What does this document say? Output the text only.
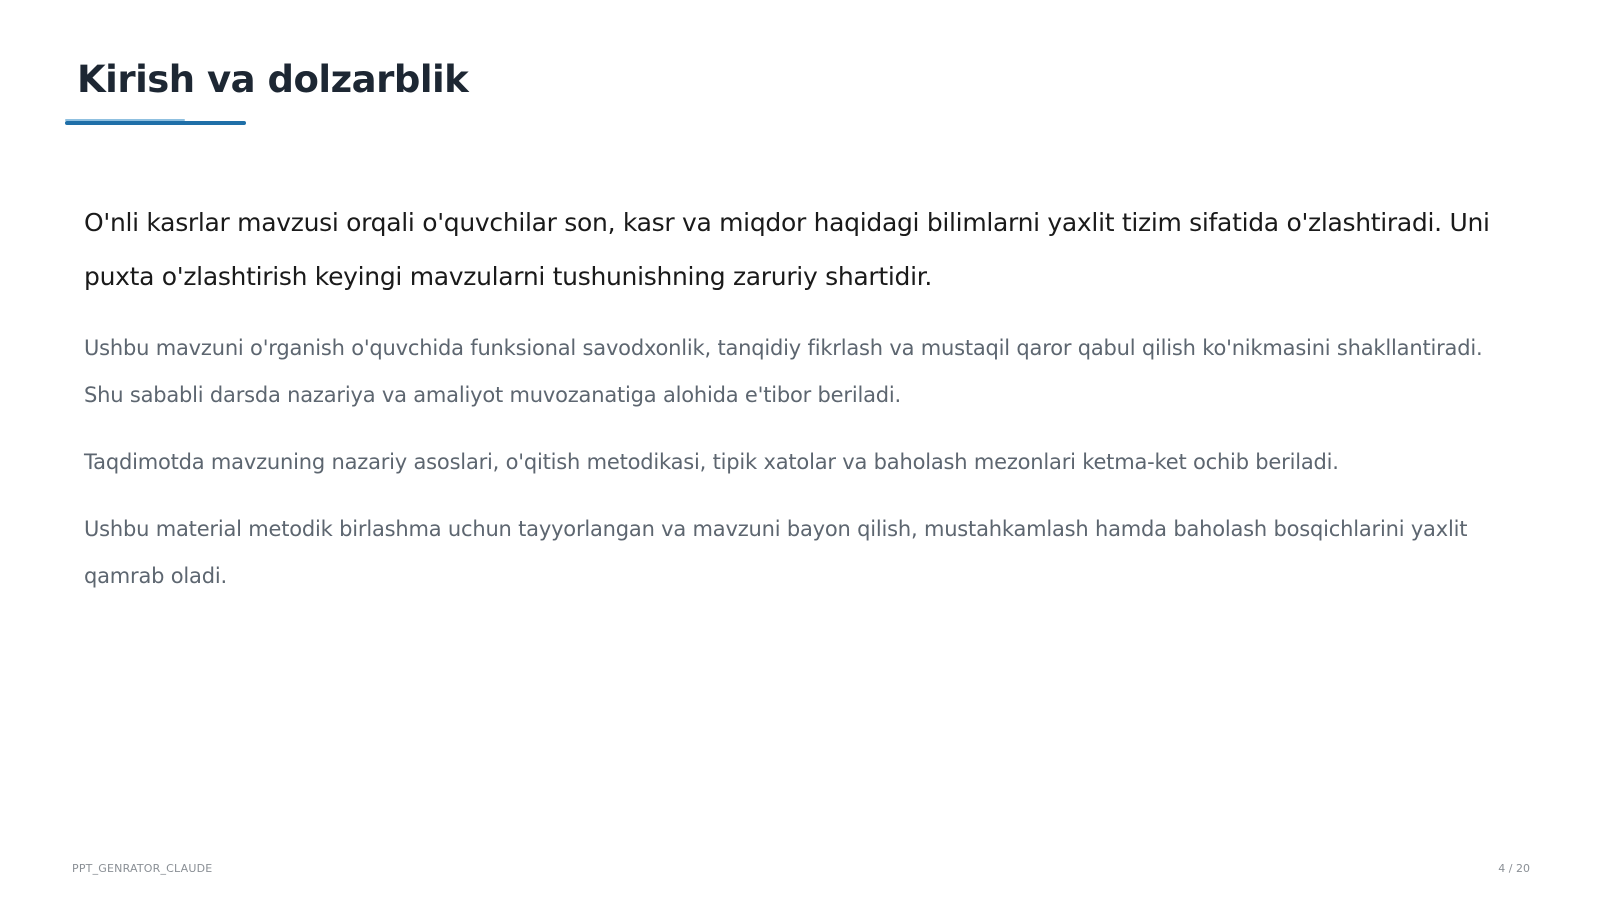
Kirish va dolzarblik

O'nli kasrlar mavzusi orqali o'quvchilar son, kasr va miqdor haqidagi bilimlarni yaxlit tizim sifatida o'zlashtiradi. Uni puxta o'zlashtirish keyingi mavzularni tushunishning zaruriy shartidir.

Ushbu mavzuni o'rganish o'quvchida funksional savodxonlik, tanqidiy fikrlash va mustaqil qaror qabul qilish ko'nikmasini shakllantiradi. Shu sababli darsda nazariya va amaliyot muvozanatiga alohida e'tibor beriladi.

Taqdimotda mavzuning nazariy asoslari, o'qitish metodikasi, tipik xatolar va baholash mezonlari ketma-ket ochib beriladi.

Ushbu material metodik birlashma uchun tayyorlangan va mavzuni bayon qilish, mustahkamlash hamda baholash bosqichlarini yaxlit qamrab oladi.

PPT_GENRATOR_CLAUDE	4 / 20
